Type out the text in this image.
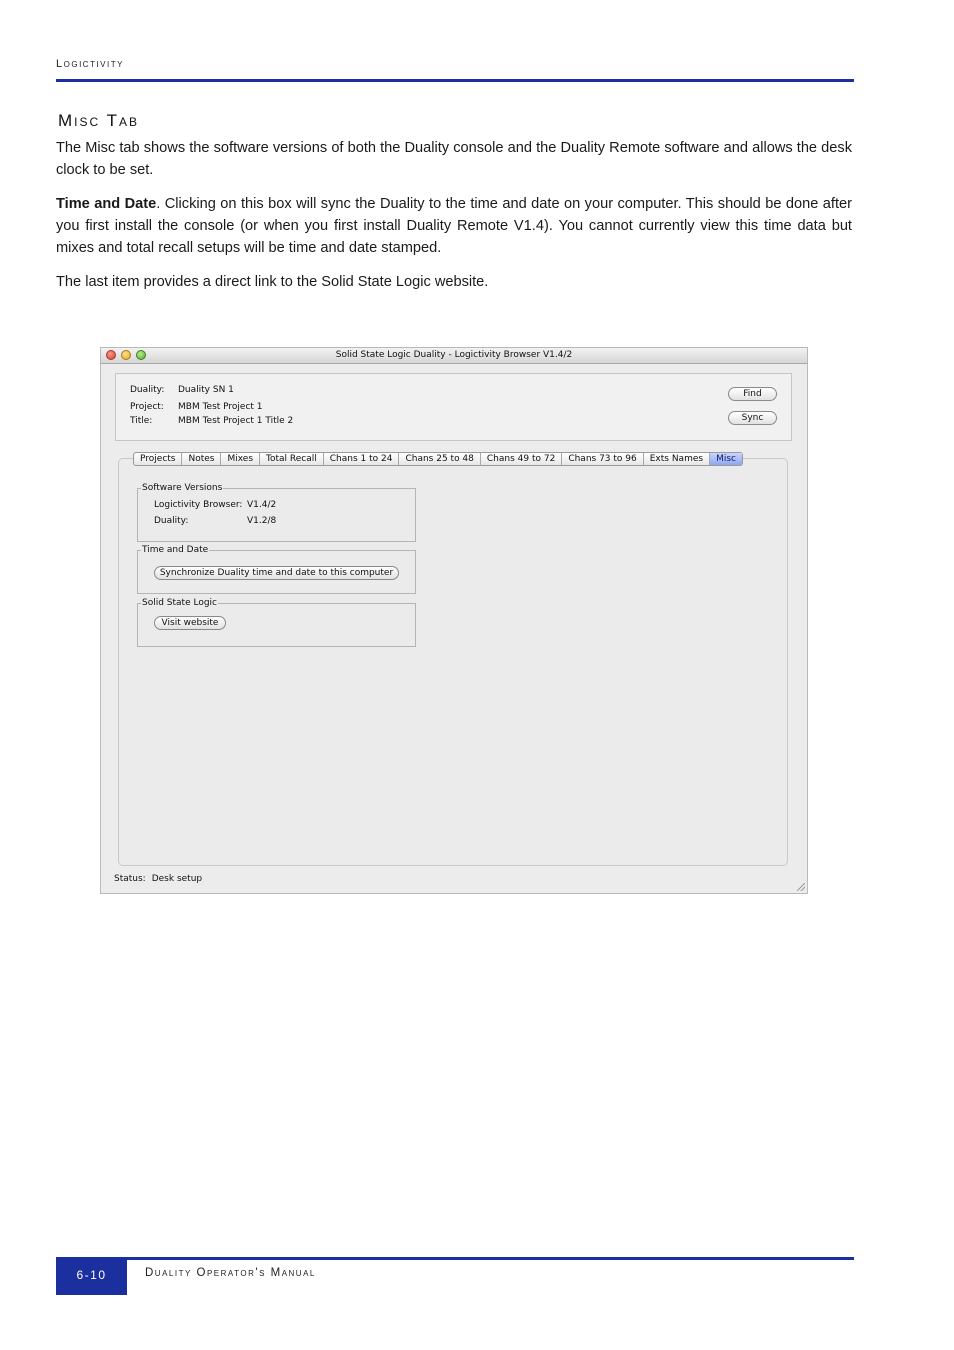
Logictivity
Misc Tab

The Misc tab shows the software versions of both the Duality console and the Duality Remote software and allows the desk clock to be set.

Time and Date. Clicking on this box will sync the Duality to the time and date on your computer. This should be done after you first install the console (or when you first install Duality Remote V1.4). You cannot currently view this time data but mixes and total recall setups will be time and date stamped.

The last item provides a direct link to the Solid State Logic website.

Solid State Logic Duality - Logictivity Browser V1.4/2
Duality: Duality SN 1
Project: MBM Test Project 1
Title:	MBM Test Project 1 Title 2
Find
Sync
Projects	Notes	Mixes	Total Recall	Chans 1 to 24	Chans 25 to 48	Chans 49 to 72	Chans 73 to 96	Exts Names	Misc
Software Versions
Logictivity Browser: V1.4/2
Duality:	V1.2/8
Time and Date
Synchronize Duality time and date to this computer
Solid State Logic
Visit website
Status: Desk setup
6-10	Duality Operator's Manual
